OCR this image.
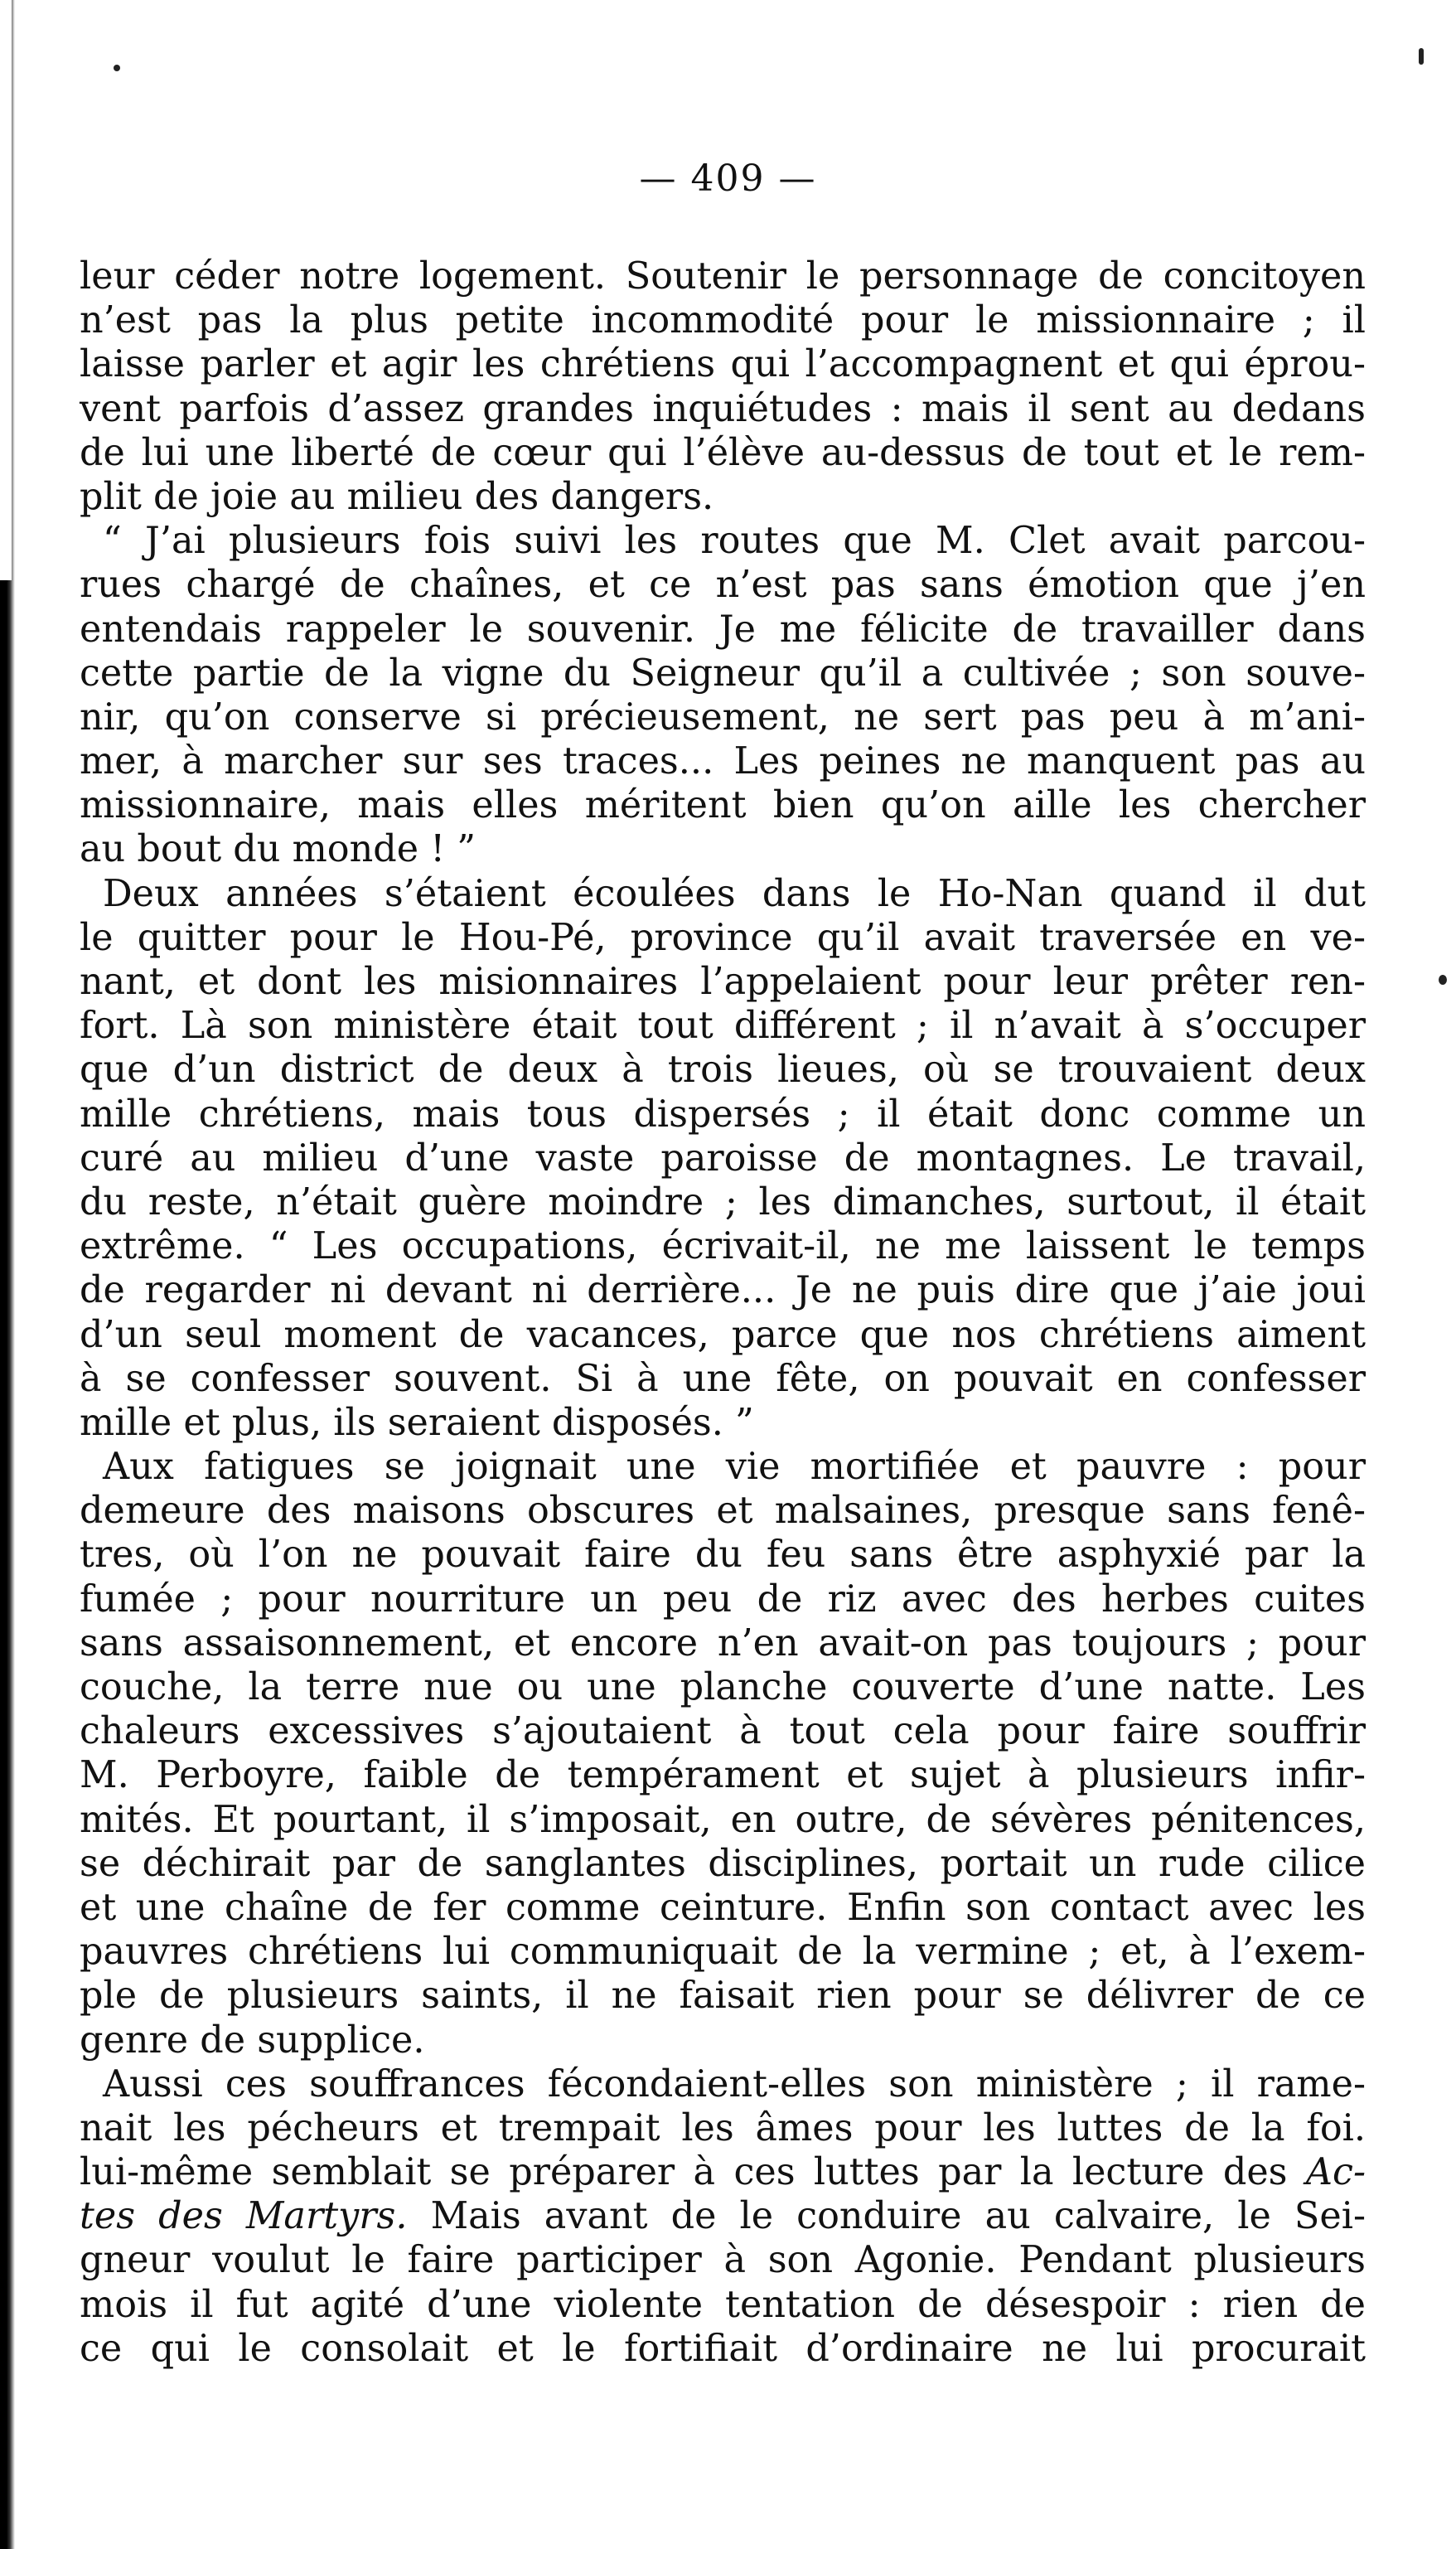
— 409 —
leur céder notre logement. Soutenir le personnage de concitoyen
n’est pas la plus petite incommodité pour le missionnaire ; il
laisse parler et agir les chrétiens qui l’accompagnent et qui éprou-
vent parfois d’assez grandes inquiétudes : mais il sent au dedans
de lui une liberté de cœur qui l’élève au-dessus de tout et le rem-
plit de joie au milieu des dangers.
“ J’ai plusieurs fois suivi les routes que M. Clet avait parcou-
rues chargé de chaînes, et ce n’est pas sans émotion que j’en
entendais rappeler le souvenir. Je me félicite de travailler dans
cette partie de la vigne du Seigneur qu’il a cultivée ; son souve-
nir, qu’on conserve si précieusement, ne sert pas peu à m’ani-
mer, à marcher sur ses traces... Les peines ne manquent pas au
missionnaire, mais elles méritent bien qu’on aille les chercher
au bout du monde ! ”
Deux années s’étaient écoulées dans le Ho-Nan quand il dut
le quitter pour le Hou-Pé, province qu’il avait traversée en ve-
nant, et dont les misionnaires l’appelaient pour leur prêter ren-
fort. Là son ministère était tout différent ; il n’avait à s’occuper
que d’un district de deux à trois lieues, où se trouvaient deux
mille chrétiens, mais tous dispersés ; il était donc comme un
curé au milieu d’une vaste paroisse de montagnes. Le travail,
du reste, n’était guère moindre ; les dimanches, surtout, il était
extrême. “ Les occupations, écrivait-il, ne me laissent le temps
de regarder ni devant ni derrière... Je ne puis dire que j’aie joui
d’un seul moment de vacances, parce que nos chrétiens aiment
à se confesser souvent. Si à une fête, on pouvait en confesser
mille et plus, ils seraient disposés. ”
Aux fatigues se joignait une vie mortifiée et pauvre : pour
demeure des maisons obscures et malsaines, presque sans fenê-
tres, où l’on ne pouvait faire du feu sans être asphyxié par la
fumée ; pour nourriture un peu de riz avec des herbes cuites
sans assaisonnement, et encore n’en avait-on pas toujours ; pour
couche, la terre nue ou une planche couverte d’une natte. Les
chaleurs excessives s’ajoutaient à tout cela pour faire souffrir
M. Perboyre, faible de tempérament et sujet à plusieurs infir-
mités. Et pourtant, il s’imposait, en outre, de sévères pénitences,
se déchirait par de sanglantes disciplines, portait un rude cilice
et une chaîne de fer comme ceinture. Enfin son contact avec les
pauvres chrétiens lui communiquait de la vermine ; et, à l’exem-
ple de plusieurs saints, il ne faisait rien pour se délivrer de ce
genre de supplice.
Aussi ces souffrances fécondaient-elles son ministère ; il rame-
nait les pécheurs et trempait les âmes pour les luttes de la foi.
lui-même semblait se préparer à ces luttes par la lecture des Ac-
tes des Martyrs. Mais avant de le conduire au calvaire, le Sei-
gneur voulut le faire participer à son Agonie. Pendant plusieurs
mois il fut agité d’une violente tentation de désespoir : rien de
ce qui le consolait et le fortifiait d’ordinaire ne lui procurait
